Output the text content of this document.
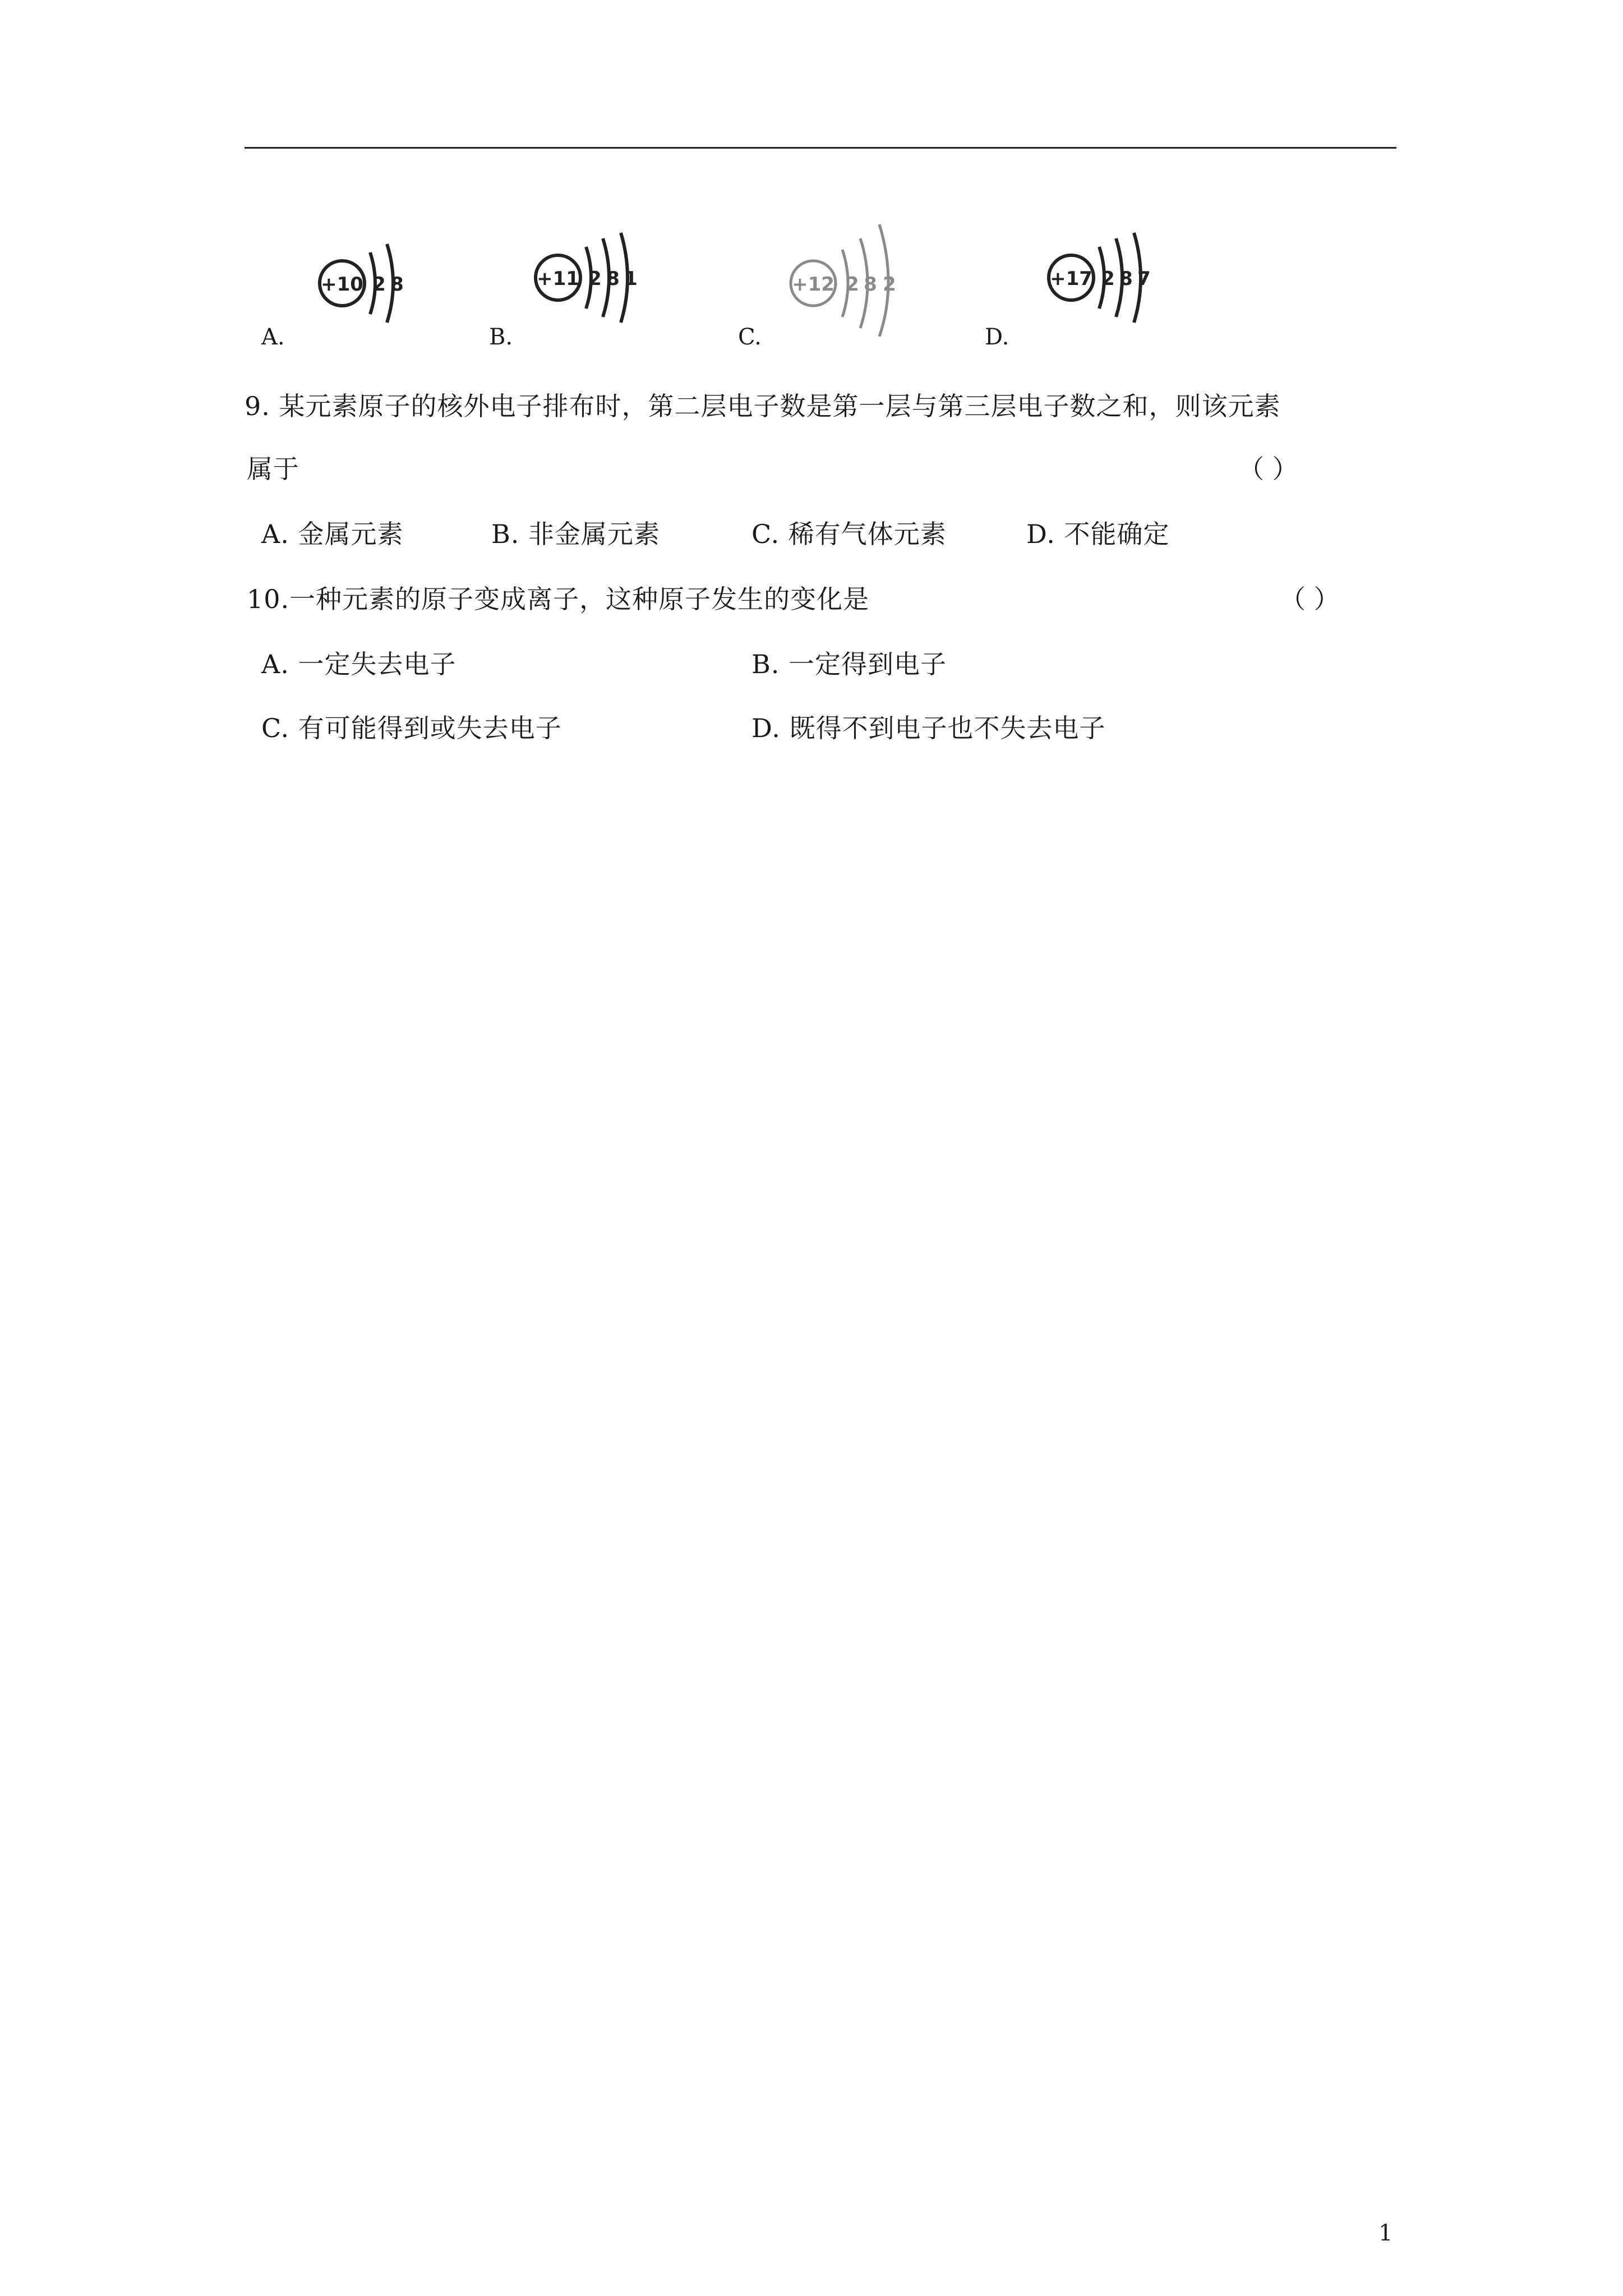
+10 2 8	+11 2 8 1	+12 2 8 2	+17 2 8 7
A.	B.	C.	D.
9. 某元素原子的核外电子排布时，第二层电子数是第一层与第三层电子数之和，则该元素
属于	（ ）
A. 金属元素	B. 非金属元素	C. 稀有气体元素	D. 不能确定
10.一种元素的原子变成离子，这种原子发生的变化是	（ ）
A. 一定失去电子	B. 一定得到电子
C. 有可能得到或失去电子	D. 既得不到电子也不失去电子
1
